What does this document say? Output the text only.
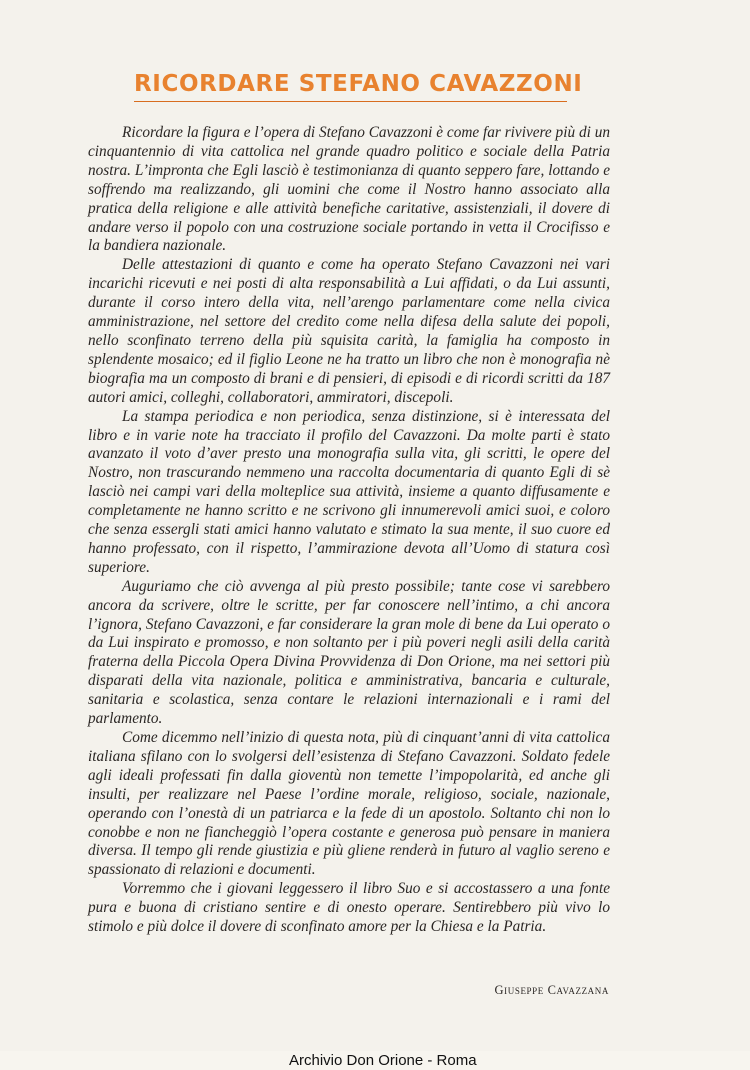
RICORDARE STEFANO CAVAZZONI

Ricordare la figura e l’opera di Stefano Cavazzoni è come far rivivere più di un cinquantennio di vita cattolica nel grande quadro politico e sociale della Patria nostra. L’impronta che Egli lasciò è testimonianza di quanto seppero fare, lottando e soffrendo ma realizzando, gli uomini che come il Nostro hanno associato alla pratica della religione e alle attività benefiche caritative, assistenziali, il dovere di andare verso il popolo con una costruzione sociale portando in vetta il Crocifisso e la bandiera nazionale.

Delle attestazioni di quanto e come ha operato Stefano Cavazzoni nei vari incarichi ricevuti e nei posti di alta responsabilità a Lui affidati, o da Lui assunti, durante il corso intero della vita, nell’arengo parlamentare come nella civica amministrazione, nel settore del credito come nella difesa della salute dei popoli, nello sconfinato terreno della più squisita carità, la famiglia ha composto in splendente mosaico; ed il figlio Leone ne ha tratto un libro che non è monografia nè biografia ma un composto di brani e di pensieri, di episodi e di ricordi scritti da 187 autori amici, colleghi, collaboratori, ammiratori, discepoli.

La stampa periodica e non periodica, senza distinzione, si è interessata del libro e in varie note ha tracciato il profilo del Cavazzoni. Da molte parti è stato avanzato il voto d’aver presto una monografia sulla vita, gli scritti, le opere del Nostro, non trascurando nemmeno una raccolta documentaria di quanto Egli di sè lasciò nei campi vari della molteplice sua attività, insieme a quanto diffusamente e completamente ne hanno scritto e ne scrivono gli innumerevoli amici suoi, e coloro che senza essergli stati amici hanno valutato e stimato la sua mente, il suo cuore ed hanno professato, con il rispetto, l’ammirazione devota all’Uomo di statura così superiore.

Auguriamo che ciò avvenga al più presto possibile; tante cose vi sarebbero ancora da scrivere, oltre le scritte, per far conoscere nell’intimo, a chi ancora l’ignora, Stefano Cavazzoni, e far considerare la gran mole di bene da Lui operato o da Lui inspirato e promosso, e non soltanto per i più poveri negli asili della carità fraterna della Piccola Opera Divina Provvidenza di Don Orione, ma nei settori più disparati della vita nazionale, politica e amministrativa, bancaria e culturale, sanitaria e scolastica, senza contare le relazioni internazionali e i rami del parlamento.

Come dicemmo nell’inizio di questa nota, più di cinquant’anni di vita cattolica italiana sfilano con lo svolgersi dell’esistenza di Stefano Cavazzoni. Soldato fedele agli ideali professati fin dalla gioventù non temette l’impopolarità, ed anche gli insulti, per realizzare nel Paese l’ordine morale, religioso, sociale, nazionale, operando con l’onestà di un patriarca e la fede di un apostolo. Soltanto chi non lo conobbe e non ne fiancheggiò l’opera costante e generosa può pensare in maniera diversa. Il tempo gli rende giustizia e più gliene renderà in futuro al vaglio sereno e spassionato di relazioni e documenti.

Vorremmo che i giovani leggessero il libro Suo e si accostassero a una fonte pura e buona di cristiano sentire e di onesto operare. Sentirebbero più vivo lo stimolo e più dolce il dovere di sconfinato amore per la Chiesa e la Patria.

Giuseppe Cavazzana
Archivio Don Orione - Roma
